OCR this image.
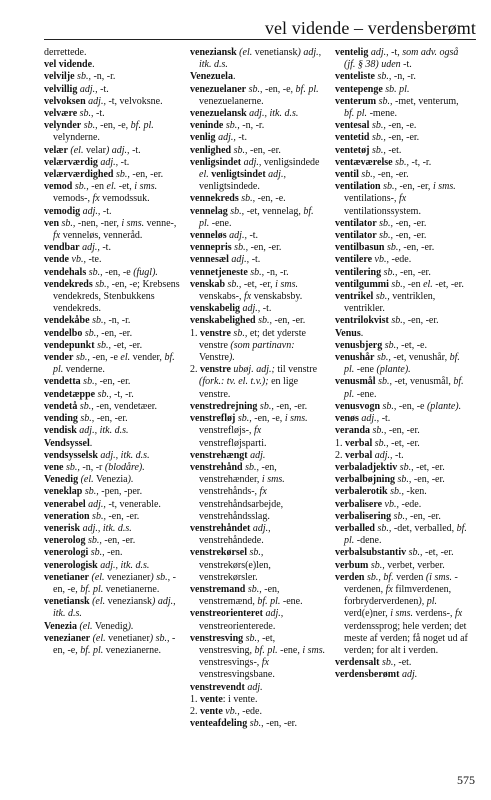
vel vidende – verdensberømt

derrettede.

vel vidende.

velvilje sb., -n, -r.

velvillig adj., -t.

velvoksen adj., -t, velvoksne.

velvære sb., -t.

velynder sb., -en, -e, bf. pl. velynderne.

velær (el. velar) adj., -t.

velærværdig adj., -t.

velærværdighed sb., -en, -er.

vemod sb., -en el. -et, i sms. vemods-, fx vemodssuk.

vemodig adj., -t.

ven sb., -nen, -ner, i sms. venne-, fx venneløs, venneråd.

vendbar adj., -t.

vende vb., -te.

vendehals sb., -en, -e (fugl).

vendekreds sb., -en, -e; Krebsens vendekreds, Stenbukkens vendekreds.

vendekåbe sb., -n, -r.

vendelbo sb., -en, -er.

vendepunkt sb., -et, -er.

vender sb., -en, -e el. vender, bf. pl. venderne.

vendetta sb., -en, -er.

vendetæppe sb., -t, -r.

vendetå sb., -en, vendetæer.

vending sb., -en, -er.

vendisk adj., itk. d.s.

Vendsyssel.

vendsysselsk adj., itk. d.s.

vene sb., -n, -r (blodåre).

Venedig (el. Venezia).

veneklap sb., -pen, -per.

venerabel adj., -t, venerable.

veneration sb., -en, -er.

venerisk adj., itk. d.s.

venerolog sb., -en, -er.

venerologi sb., -en.

venerologisk adj., itk. d.s.

venetianer (el. venezianer) sb., -en, -e, bf. pl. venetianerne.

venetiansk (el. veneziansk) adj., itk. d.s.

Venezia (el. Venedig).

venezianer (el. venetianer) sb., -en, -e, bf. pl. venezianerne.

veneziansk (el. venetiansk) adj., itk. d.s.

Venezuela.

venezuelaner sb., -en, -e, bf. pl. venezuelanerne.

venezuelansk adj., itk. d.s.

veninde sb., -n, -r.

venlig adj., -t.

venlighed sb., -en, -er.

venligsindet adj., venligsindede el. venligtsindet adj., venligtsindede.

vennekreds sb., -en, -e.

vennelag sb., -et, vennelag, bf. pl. -ene.

venneløs adj., -t.

vennepris sb., -en, -er.

vennesæl adj., -t.

vennetjeneste sb., -n, -r.

venskab sb., -et, -er, i sms. venskabs-, fx venskabsby.

venskabelig adj., -t.

venskabelighed sb., -en, -er.

1. venstre sb., et; det yderste venstre (som partinavn: Venstre).

2. venstre ubøj. adj.; til venstre (fork.: tv. el. t.v.); en lige venstre.

venstredrejning sb., -en, -er.

venstrefløj sb., -en, -e, i sms. venstrefløjs-, fx venstrefløjsparti.

venstrehængt adj.

venstrehånd sb., -en, venstrehænder, i sms. venstrehånds-, fx venstrehåndsarbejde, venstrehåndsslag.

venstrehåndet adj., venstrehåndede.

venstrekørsel sb., venstrekørs(e)len, venstrekørsler.

venstremand sb., -en, venstremænd, bf. pl. -ene.

venstreorienteret adj., venstreorienterede.

venstresving sb., -et, venstresving, bf. pl. -ene, i sms. venstresvings-, fx venstresvingsbane.

venstrevendt adj.

1. vente: i vente.

2. vente vb., -ede.

venteafdeling sb., -en, -er.

ventelig adj., -t, som adv. også (jf. § 38) uden -t.

venteliste sb., -n, -r.

ventepenge sb. pl.

venterum sb., -met, venterum, bf. pl. -mene.

ventesal sb., -en, -e.

ventetid sb., -en, -er.

ventetøj sb., -et.

ventæværelse sb., -t, -r.

ventil sb., -en, -er.

ventilation sb., -en, -er, i sms. ventilations-, fx ventilationssystem.

ventilator sb., -en, -er.

ventilator sb., -en, -er.

ventilbasun sb., -en, -er.

ventilere vb., -ede.

ventilering sb., -en, -er.

ventilgummi sb., -en el. -et, -er.

ventrikel sb., ventriklen, ventrikler.

ventrilokvist sb., -en, -er.

Venus.

venusbjerg sb., -et, -e.

venushår sb., -et, venushår, bf. pl. -ene (plante).

venusmål sb., -et, venusmål, bf. pl. -ene.

venusvogn sb., -en, -e (plante).

venøs adj., -t.

veranda sb., -en, -er.

1. verbal sb., -et, -er.

2. verbal adj., -t.

verbaladjektiv sb., -et, -er.

verbalbøjning sb., -en, -er.

verbalerotik sb., -ken.

verbalisere vb., -ede.

verbalisering sb., -en, -er.

verballed sb., -det, verballed, bf. pl. -dene.

verbalsubstantiv sb., -et, -er.

verbum sb., verbet, verber.

verden sb., bf. verden (i sms. -verdenen, fx filmverdenen, forbryderverdenen), pl. verd(e)ner, i sms. verdens-, fx verdenssprog; hele verden; det meste af verden; få noget ud af verden; for alt i verden.

verdensalt sb., -et.

verdensberømt adj.

575
